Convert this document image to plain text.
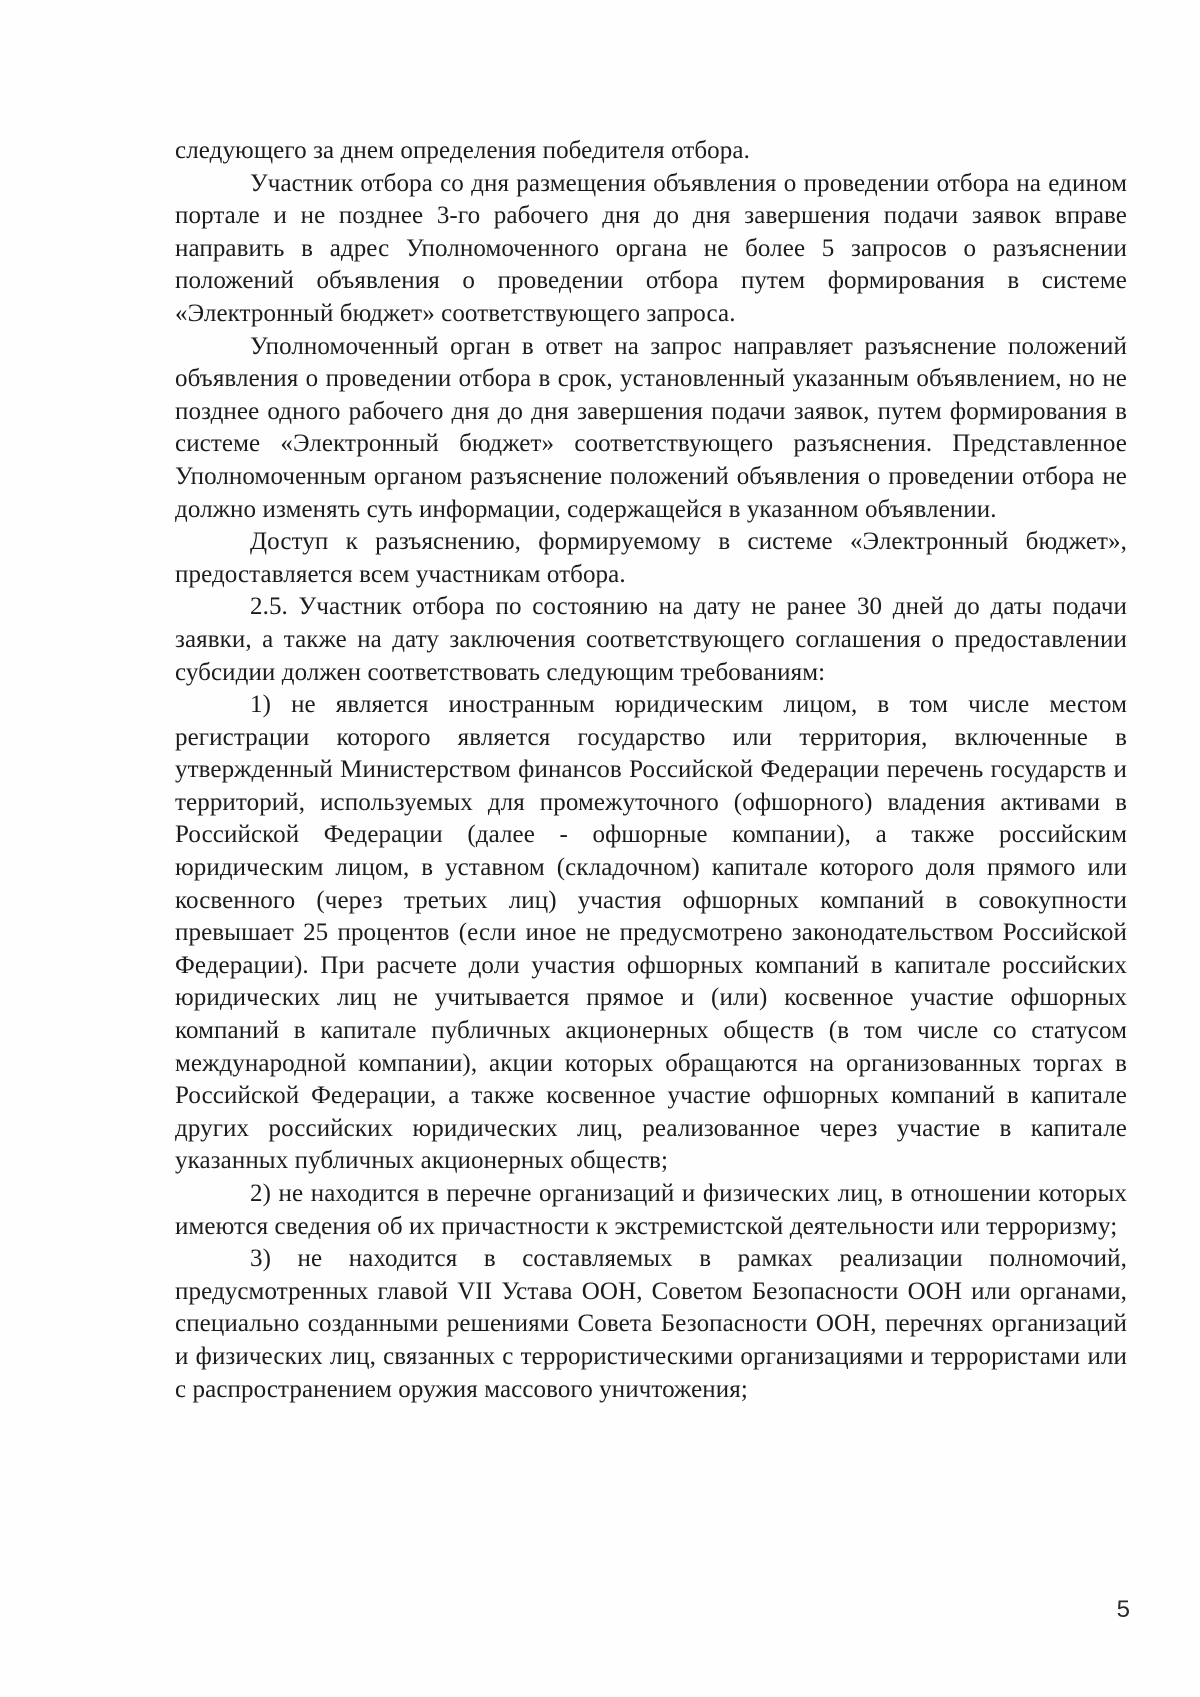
следующего за днем определения победителя отбора.

Участник отбора со дня размещения объявления о проведении отбора на едином портале и не позднее 3-го рабочего дня до дня завершения подачи заявок вправе направить в адрес Уполномоченного органа не более 5 запросов о разъяснении положений объявления о проведении отбора путем формирования в системе «Электронный бюджет» соответствующего запроса.

Уполномоченный орган в ответ на запрос направляет разъяснение положений объявления о проведении отбора в срок, установленный указанным объявлением, но не позднее одного рабочего дня до дня завершения подачи заявок, путем формирования в системе «Электронный бюджет» соответствующего разъяснения. Представленное Уполномоченным органом разъяснение положений объявления о проведении отбора не должно изменять суть информации, содержащейся в указанном объявлении.

Доступ к разъяснению, формируемому в системе «Электронный бюджет», предоставляется всем участникам отбора.

2.5. Участник отбора по состоянию на дату не ранее 30 дней до даты подачи заявки, а также на дату заключения соответствующего соглашения о предоставлении субсидии должен соответствовать следующим требованиям:

1) не является иностранным юридическим лицом, в том числе местом регистрации которого является государство или территория, включенные в утвержденный Министерством финансов Российской Федерации перечень государств и территорий, используемых для промежуточного (офшорного) владения активами в Российской Федерации (далее - офшорные компании), а также российским юридическим лицом, в уставном (складочном) капитале которого доля прямого или косвенного (через третьих лиц) участия офшорных компаний в совокупности превышает 25 процентов (если иное не предусмотрено законодательством Российской Федерации). При расчете доли участия офшорных компаний в капитале российских юридических лиц не учитывается прямое и (или) косвенное участие офшорных компаний в капитале публичных акционерных обществ (в том числе со статусом международной компании), акции которых обращаются на организованных торгах в Российской Федерации, а также косвенное участие офшорных компаний в капитале других российских юридических лиц, реализованное через участие в капитале указанных публичных акционерных обществ;

2) не находится в перечне организаций и физических лиц, в отношении которых имеются сведения об их причастности к экстремистской деятельности или терроризму;

3) не находится в составляемых в рамках реализации полномочий, предусмотренных главой VII Устава ООН, Советом Безопасности ООН или органами, специально созданными решениями Совета Безопасности ООН, перечнях организаций и физических лиц, связанных с террористическими организациями и террористами или с распространением оружия массового уничтожения;

5
